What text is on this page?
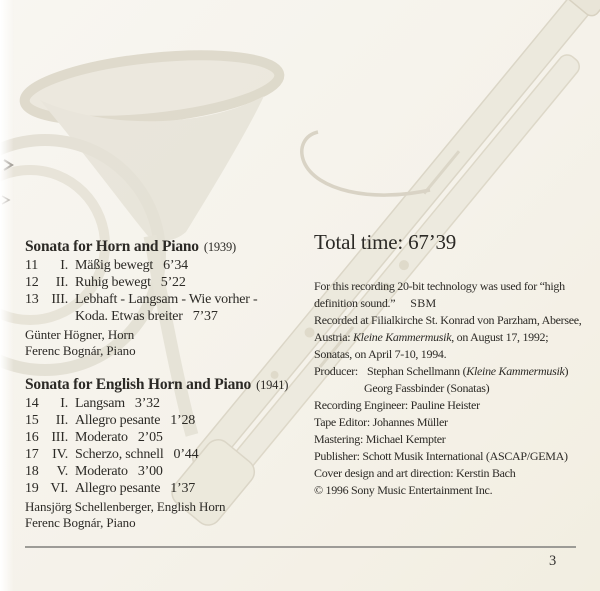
Sonata for Horn and Piano (1939)
11	I. Mäßig bewegt 6’34
12	II. Ruhig bewegt 5’22
13 III. Lebhaft - Langsam - Wie vorher -
Koda. Etwas breiter 7’37
Günter Högner, Horn
Ferenc Bognár, Piano
Sonata for English Horn and Piano (1941)
14	I. Langsam 3’32
15	II. Allegro pesante 1’28
16 III. Moderato 2’05
17 IV. Scherzo, schnell 0’44
18	V. Moderato 3’00
19 VI. Allegro pesante 1’37
Hansjörg Schellenberger, English Horn
Ferenc Bognár, Piano
Total time: 67’39
For this recording 20-bit technology was used for “high
definition sound.” SBM
Recorded at Filialkirche St. Konrad von Parzham, Abersee,
Austria: Kleine Kammermusik, on August 17, 1992;
Sonatas, on April 7-10, 1994.
Producer: Stephan Schellmann (Kleine Kammermusik)
Georg Fassbinder (Sonatas)
Recording Engineer: Pauline Heister
Tape Editor: Johannes Müller
Mastering: Michael Kempter
Publisher: Schott Musik International (ASCAP/GEMA)
Cover design and art direction: Kerstin Bach
© 1996 Sony Music Entertainment Inc.
3
